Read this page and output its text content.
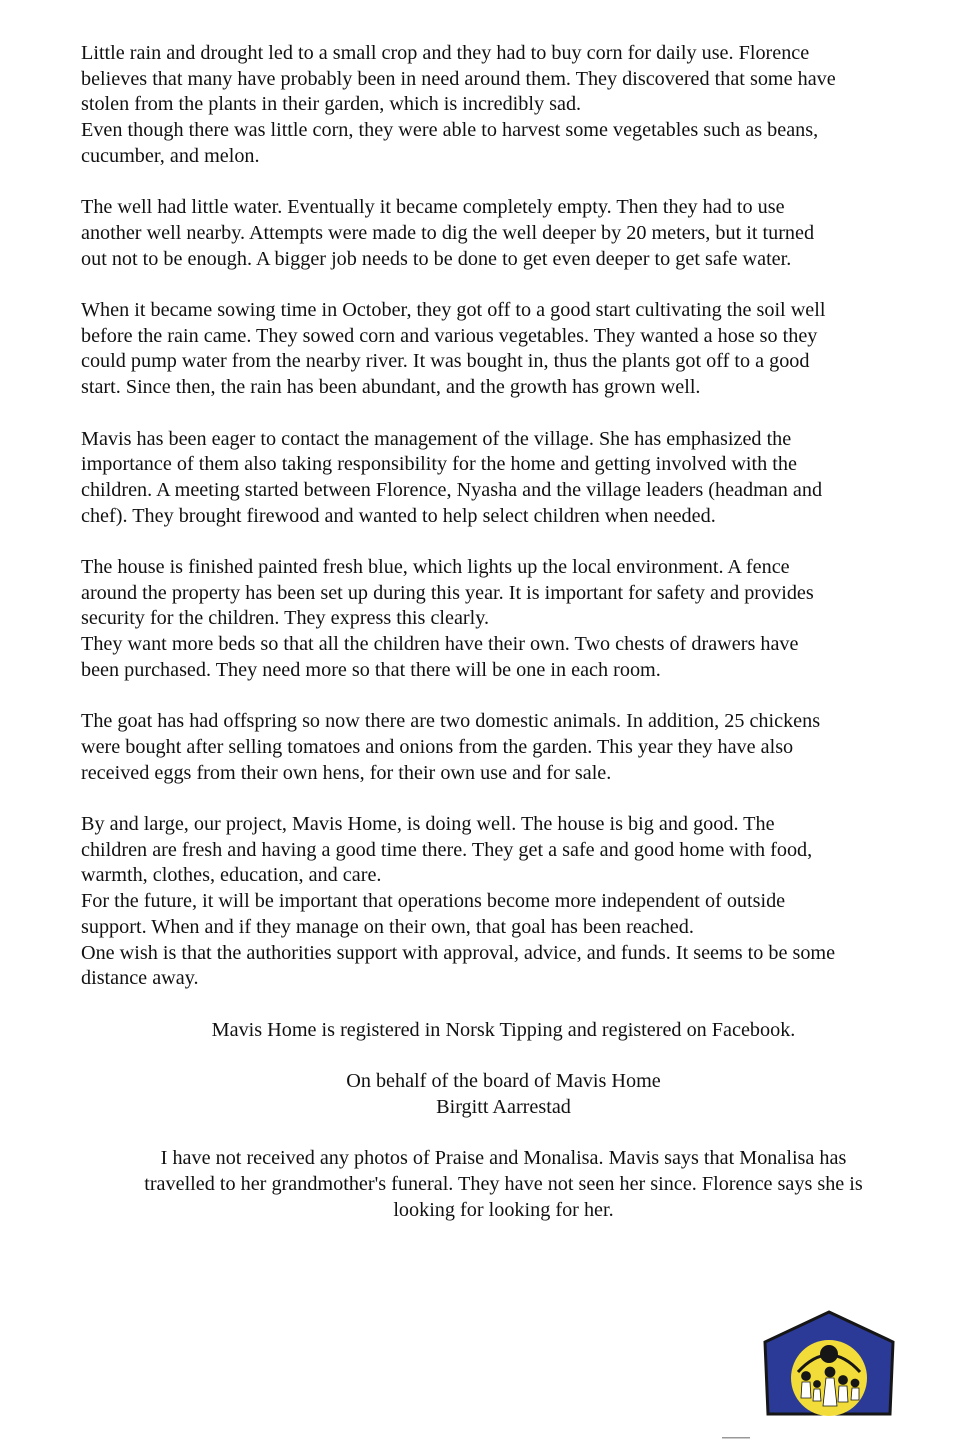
Little rain and drought led to a small crop and they had to buy corn for daily use. Florence
believes that many have probably been in need around them. They discovered that some have
stolen from the plants in their garden, which is incredibly sad.
Even though there was little corn, they were able to harvest some vegetables such as beans,
cucumber, and melon.
The well had little water. Eventually it became completely empty. Then they had to use
another well nearby. Attempts were made to dig the well deeper by 20 meters, but it turned
out not to be enough. A bigger job needs to be done to get even deeper to get safe water.
When it became sowing time in October, they got off to a good start cultivating the soil well
before the rain came. They sowed corn and various vegetables. They wanted a hose so they
could pump water from the nearby river. It was bought in, thus the plants got off to a good
start. Since then, the rain has been abundant, and the growth has grown well.
Mavis has been eager to contact the management of the village. She has emphasized the
importance of them also taking responsibility for the home and getting involved with the
children. A meeting started between Florence, Nyasha and the village leaders (headman and
chef). They brought firewood and wanted to help select children when needed.
The house is finished painted fresh blue, which lights up the local environment. A fence
around the property has been set up during this year. It is important for safety and provides
security for the children. They express this clearly.
They want more beds so that all the children have their own. Two chests of drawers have
been purchased. They need more so that there will be one in each room.
The goat has had offspring so now there are two domestic animals. In addition, 25 chickens
were bought after selling tomatoes and onions from the garden. This year they have also
received eggs from their own hens, for their own use and for sale.
By and large, our project, Mavis Home, is doing well. The house is big and good. The
children are fresh and having a good time there. They get a safe and good home with food,
warmth, clothes, education, and care.
For the future, it will be important that operations become more independent of outside
support. When and if they manage on their own, that goal has been reached.
One wish is that the authorities support with approval, advice, and funds. It seems to be some
distance away.
Mavis Home is registered in Norsk Tipping and registered on Facebook.
On behalf of the board of Mavis Home
Birgitt Aarrestad
I have not received any photos of Praise and Monalisa. Mavis says that Monalisa has
travelled to her grandmother's funeral. They have not seen her since. Florence says she is
looking for looking for her.
